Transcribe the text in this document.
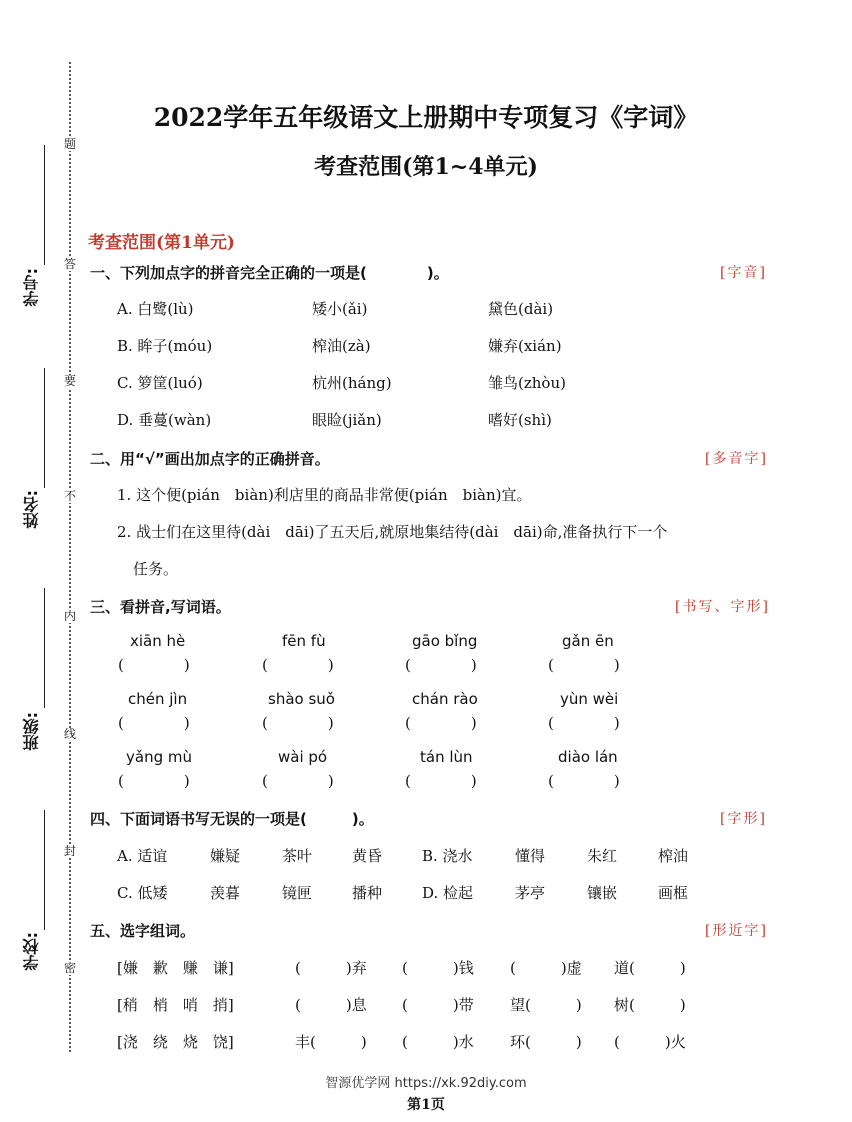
题
答
要
不
内
线
封
密
学号:
姓名:
班级:
学校:
2022学年五年级语文上册期中专项复习《字词》
考查范围(第1~4单元)
考查范围(第1单元)
一、下列加点字的拼音完全正确的一项是(　　　　)。	[字音]
A. 白鹭(lù)	矮小(ǎi)	黛色(dài)
B. 眸子(móu)	榨油(zà)	嫌弃(xián)
C. 箩筐(luó)	杭州(háng)	雏鸟(zhòu)
D. 垂蔓(wàn)	眼睑(jiǎn)	嗜好(shì)
二、用“√”画出加点字的正确拼音。	[多音字]
1. 这个便(pián　biàn)利店里的商品非常便(pián　biàn)宜。
2. 战士们在这里待(dài　dāi)了五天后,就原地集结待(dài　dāi)命,准备执行下一个
任务。
三、看拼音,写词语。	[书写、字形]
xiān hè	fēn fù	gāo bǐng	gǎn ēn
(　　　　)	(　　　　)	(　　　　)	(　　　　)
chén jìn	shào suǒ	chán rào	yùn wèi
(　　　　)	(　　　　)	(　　　　)	(　　　　)
yǎng mù	wài pó	tán lùn	diào lán
(　　　　)	(　　　　)	(　　　　)	(　　　　)
四、下面词语书写无误的一项是(　　　)。	[字形]
A. 适谊	嫌疑	茶叶	黄昏	B. 浇水	懂得	朱红	榨油
C. 低矮	羡暮	镜匣	播种	D. 检起	茅亭	镶嵌	画框
五、选字组词。	[形近字]
[嫌　歉　赚　谦]	(　　　)弃 (　　　)钱 (　　　)虚 道(　　　)
[稍　梢　哨　捎]	(　　　)息 (　　　)带 望(　　　) 树(　　　)
[浇　绕　烧　饶]	丰(　　　) (　　　)水 环(　　　) (　　　)火
智源优学网 https://xk.92diy.com
第1页
